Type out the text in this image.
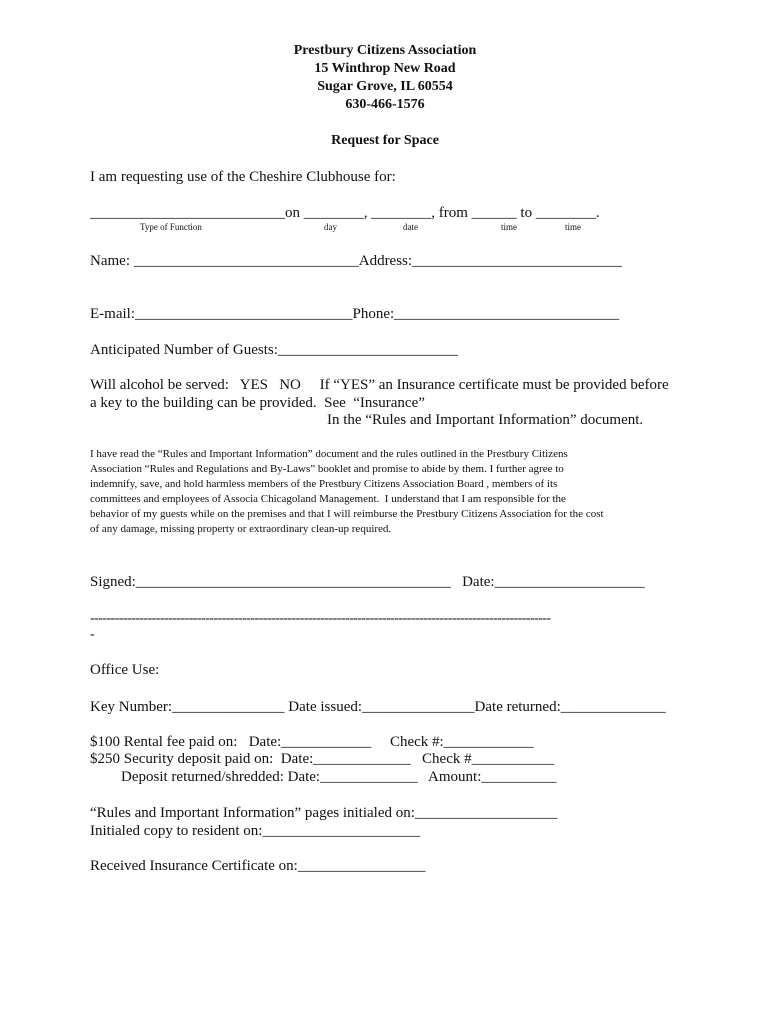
Prestbury Citizens Association
15 Winthrop New Road
Sugar Grove, IL 60554
630-466-1576
Request for Space
I am requesting use of the Cheshire Clubhouse for:
__________________________on ________, ________, from ______ to ________.
Type of Function	day	date	time	time
Name: ______________________________Address:____________________________
E-mail:_____________________________Phone:______________________________
Anticipated Number of Guests:________________________
Will alcohol be served:   YES   NO     If “YES” an Insurance certificate must be provided before
a key to the building can be provided.  See  “Insurance”
In the “Rules and Important Information” document.
I have read the “Rules and Important Information” document and the rules outlined in the Prestbury Citizens
Association “Rules and Regulations and By-Laws” booklet and promise to abide by them. I further agree to
indemnify, save, and hold harmless members of the Prestbury Citizens Association Board , members of its
committees and employees of Associa Chicagoland Management.  I understand that I am responsible for the
behavior of my guests while on the premises and that I will reimburse the Prestbury Citizens Association for the cost
of any damage, missing property or extraordinary clean-up required.
Signed:__________________________________________   Date:____________________
----------------------------------------------------------------------------------------------------------------
-
Office Use:
Key Number:_______________ Date issued:_______________Date returned:______________
$100 Rental fee paid on:   Date:____________     Check #:____________
$250 Security deposit paid on:  Date:_____________   Check #___________
Deposit returned/shredded: Date:_____________   Amount:__________
“Rules and Important Information” pages initialed on:___________________
Initialed copy to resident on:_____________________
Received Insurance Certificate on:_________________
